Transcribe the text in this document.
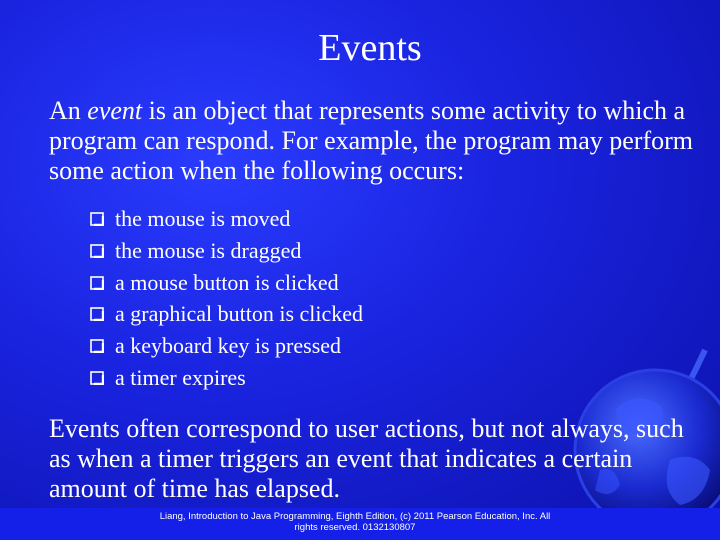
Events

An event is an object that represents some activity to which a program can respond. For example, the program may perform some action when the following occurs:

the mouse is moved
the mouse is dragged
a mouse button is clicked
a graphical button is clicked
a keyboard key is pressed
a timer expires

Events often correspond to user actions, but not always, such as when a timer triggers an event that indicates a certain amount of time has elapsed.

Liang, Introduction to Java Programming, Eighth Edition, (c) 2011 Pearson Education, Inc. All
rights reserved. 0132130807
